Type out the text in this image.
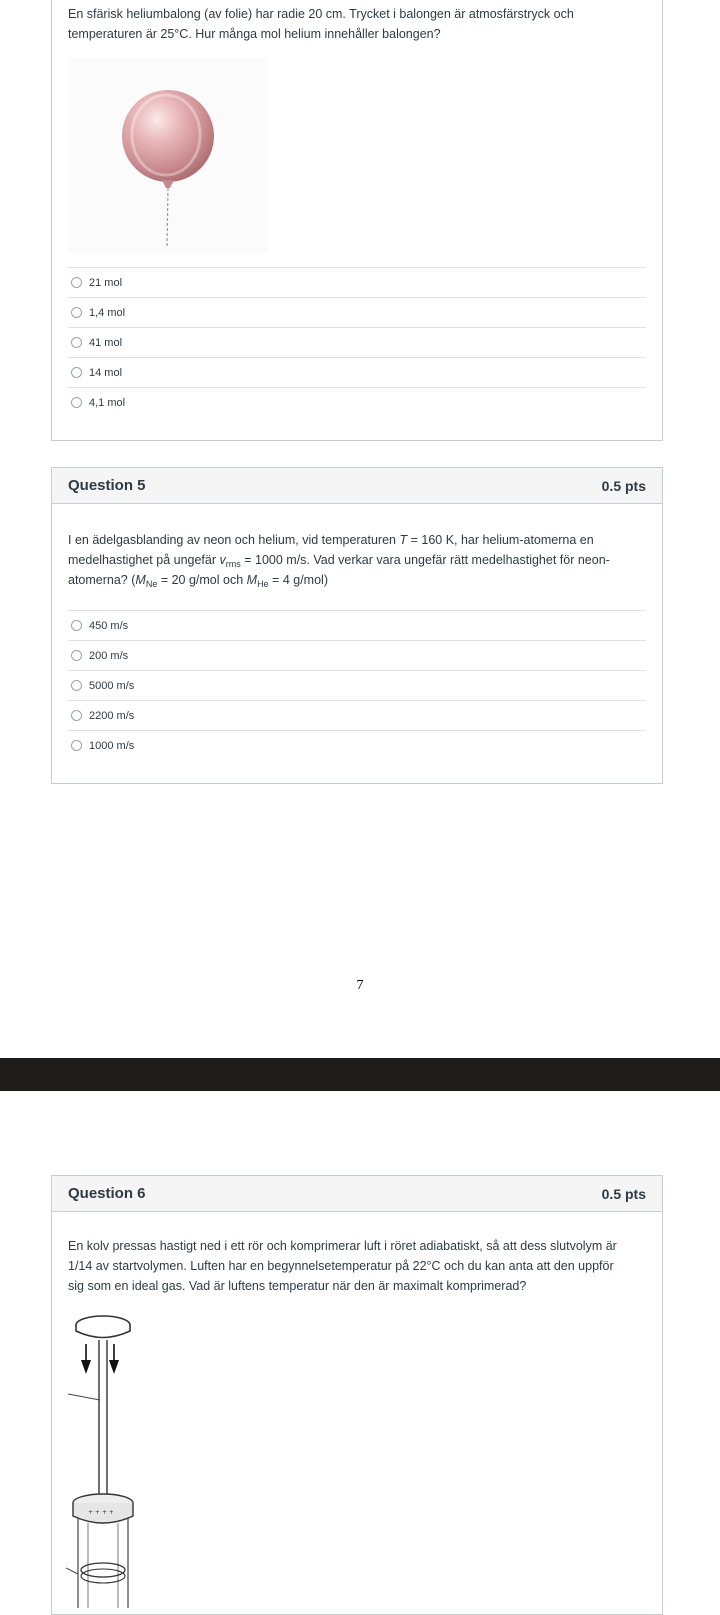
En sfärisk heliumbalong (av folie) har radie 20 cm. Trycket i balongen är atmosfärstryck och
temperaturen är 25°C. Hur många mol helium innehåller balongen?

21 mol
1,4 mol
41 mol
14 mol
4,1 mol
Question 5	0.5 pts

I en ädelgasblanding av neon och helium, vid temperaturen T = 160 K, har helium-atomerna en
medelhastighet på ungefär $v_{rms} = 1000$ m/s. Vad verkar vara ungefär rätt medelhastighet för neon-
atomerna? ($M_{Ne} = 20$ g/mol och $M_{He} = 4$ g/mol)

450 m/s
200 m/s
5000 m/s
2200 m/s
1000 m/s
7
Question 6	0.5 pts

En kolv pressas hastigt ned i ett rör och komprimerar luft i röret adiabatiskt, så att dess slutvolym är
1/14 av startvolymen. Luften har en begynnelsetemperatur på 22°C och du kan anta att den uppför
sig som en ideal gas. Vad är luftens temperatur när den är maximalt komprimerad?

+ + + +
